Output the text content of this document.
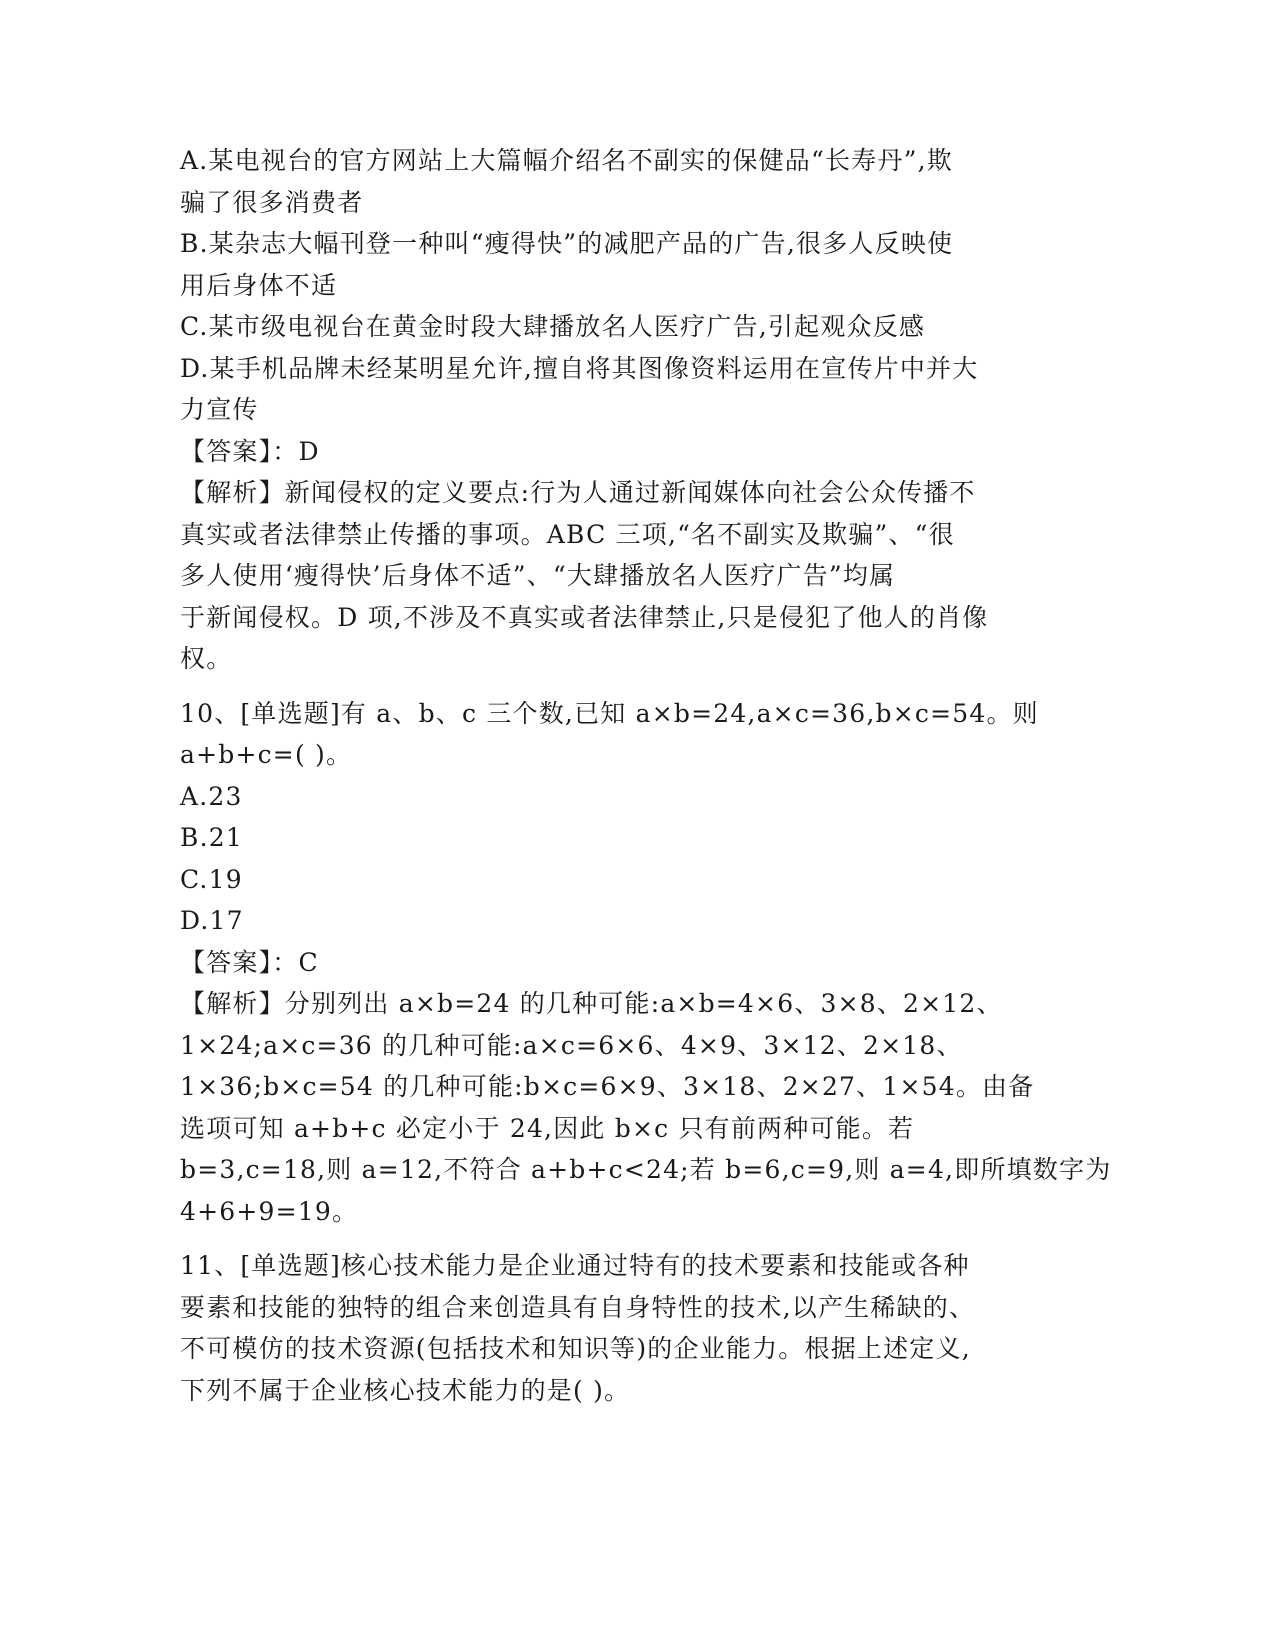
A.某电视台的官方网站上大篇幅介绍名不副实的保健品“长寿丹”,欺

骗了很多消费者

B.某杂志大幅刊登一种叫“瘦得快”的减肥产品的广告,很多人反映使

用后身体不适

C.某市级电视台在黄金时段大肆播放名人医疗广告,引起观众反感

D.某手机品牌未经某明星允许,擅自将其图像资料运用在宣传片中并大

力宣传

【答案】：D

【解析】新闻侵权的定义要点:行为人通过新闻媒体向社会公众传播不

真实或者法律禁止传播的事项。ABC 三项,“名不副实及欺骗”、“很

多人使用‘瘦得快’后身体不适”、“大肆播放名人医疗广告”均属

于新闻侵权。D 项,不涉及不真实或者法律禁止,只是侵犯了他人的肖像

权。

10、[单选题]有 a、b、c 三个数,已知 a×b=24,a×c=36,b×c=54。则

a+b+c=( )。

A.23

B.21

C.19

D.17

【答案】：C

【解析】分别列出 a×b=24 的几种可能:a×b=4×6、3×8、2×12、

1×24;a×c=36 的几种可能:a×c=6×6、4×9、3×12、2×18、

1×36;b×c=54 的几种可能:b×c=6×9、3×18、2×27、1×54。由备

选项可知 a+b+c 必定小于 24,因此 b×c 只有前两种可能。若

b=3,c=18,则 a=12,不符合 a+b+c<24;若 b=6,c=9,则 a=4,即所填数字为

4+6+9=19。

11、[单选题]核心技术能力是企业通过特有的技术要素和技能或各种

要素和技能的独特的组合来创造具有自身特性的技术,以产生稀缺的、

不可模仿的技术资源(包括技术和知识等)的企业能力。根据上述定义,

下列不属于企业核心技术能力的是( )。
